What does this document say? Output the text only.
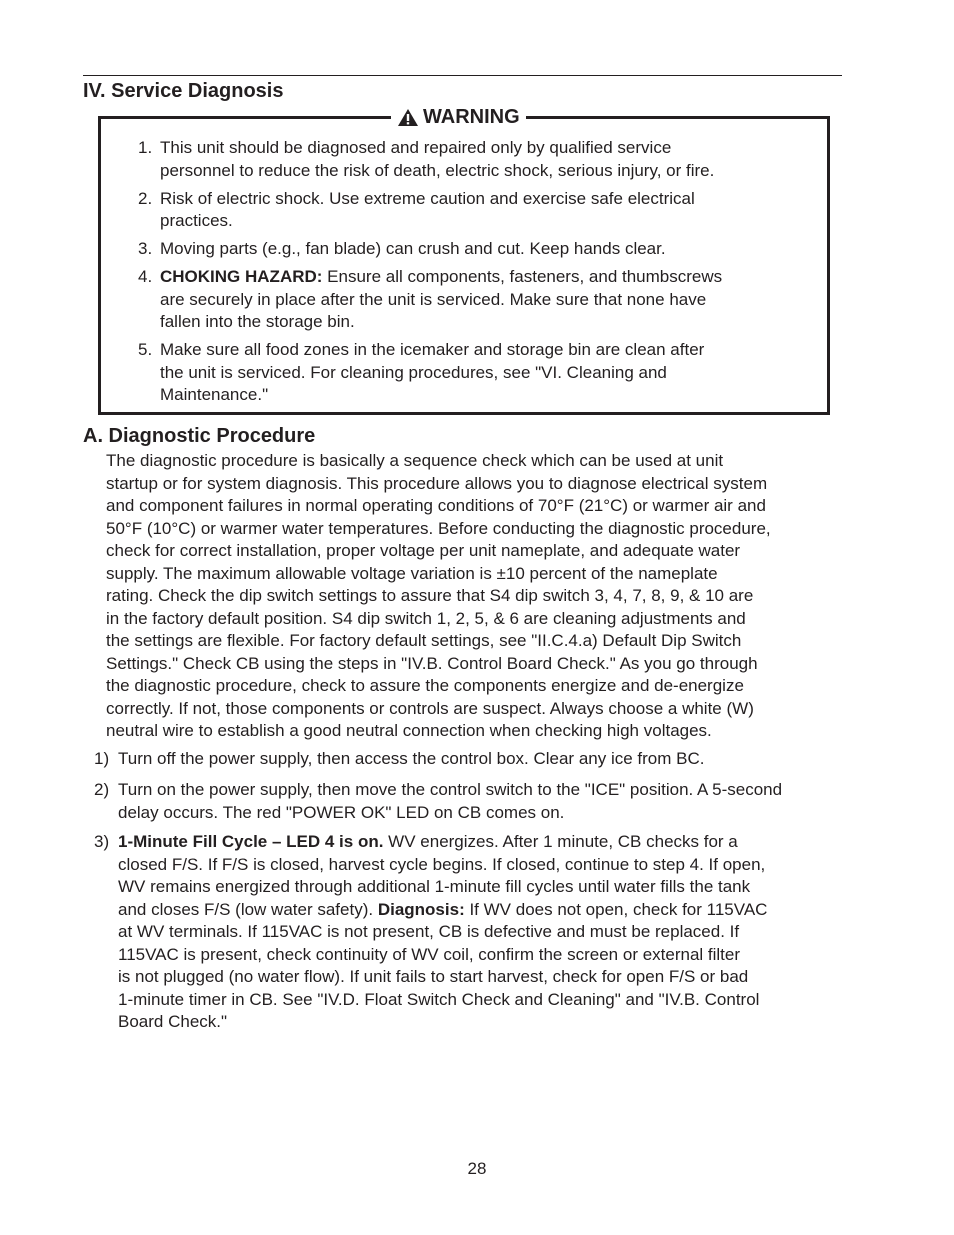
IV. Service Diagnosis
WARNING
1. This unit should be diagnosed and repaired only by qualified service
personnel to reduce the risk of death, electric shock, serious injury, or fire.
2. Risk of electric shock. Use extreme caution and exercise safe electrical
practices.
3. Moving parts (e.g., fan blade) can crush and cut. Keep hands clear.
4. CHOKING HAZARD: Ensure all components, fasteners, and thumbscrews
are securely in place after the unit is serviced. Make sure that none have
fallen into the storage bin.
5. Make sure all food zones in the icemaker and storage bin are clean after
the unit is serviced. For cleaning procedures, see "VI. Cleaning and
Maintenance."
A. Diagnostic Procedure
The diagnostic procedure is basically a sequence check which can be used at unit
startup or for system diagnosis. This procedure allows you to diagnose electrical system
and component failures in normal operating conditions of 70°F (21°C) or warmer air and
50°F (10°C) or warmer water temperatures. Before conducting the diagnostic procedure,
check for correct installation, proper voltage per unit nameplate, and adequate water
supply. The maximum allowable voltage variation is ±10 percent of the nameplate
rating. Check the dip switch settings to assure that S4 dip switch 3, 4, 7, 8, 9, & 10 are
in the factory default position. S4 dip switch 1, 2, 5, & 6 are cleaning adjustments and
the settings are flexible. For factory default settings, see "II.C.4.a) Default Dip Switch
Settings." Check CB using the steps in "IV.B. Control Board Check." As you go through
the diagnostic procedure, check to assure the components energize and de-energize
correctly. If not, those components or controls are suspect. Always choose a white (W)
neutral wire to establish a good neutral connection when checking high voltages.
1) Turn off the power supply, then access the control box. Clear any ice from BC.
2) Turn on the power supply, then move the control switch to the "ICE" position. A 5-second
delay occurs. The red "POWER OK" LED on CB comes on.
3) 1-Minute Fill Cycle – LED 4 is on. WV energizes. After 1 minute, CB checks for a
closed F/S. If F/S is closed, harvest cycle begins. If closed, continue to step 4. If open,
WV remains energized through additional 1-minute fill cycles until water fills the tank
and closes F/S (low water safety). Diagnosis: If WV does not open, check for 115VAC
at WV terminals. If 115VAC is not present, CB is defective and must be replaced. If
115VAC is present, check continuity of WV coil, confirm the screen or external filter
is not plugged (no water flow). If unit fails to start harvest, check for open F/S or bad
1-minute timer in CB. See "IV.D. Float Switch Check and Cleaning" and "IV.B. Control
Board Check."
28
